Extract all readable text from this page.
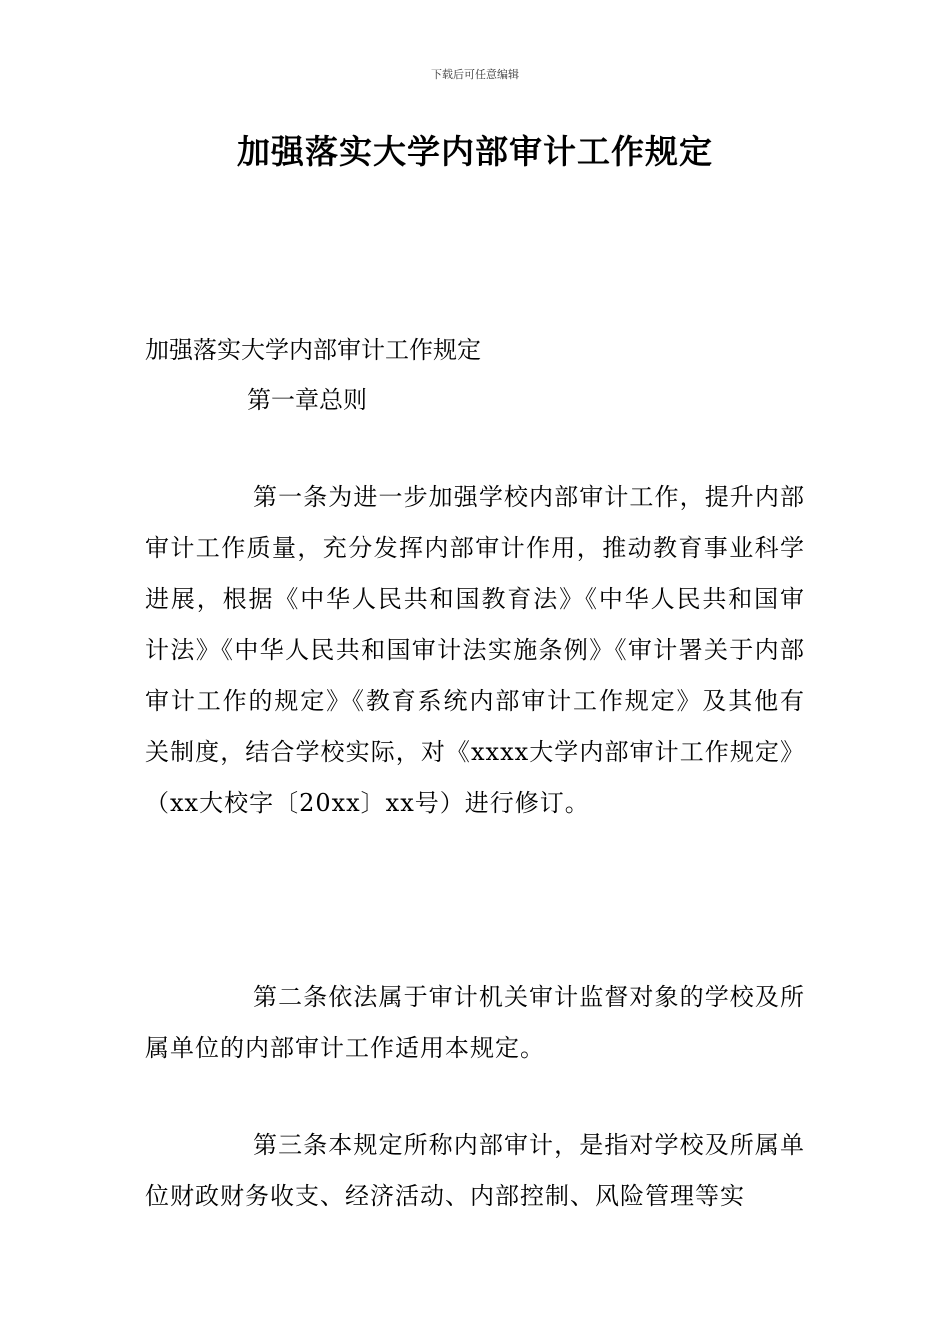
下载后可任意编辑
加强落实大学内部审计工作规定
加强落实大学内部审计工作规定
第一章总则
第一条为进一步加强学校内部审计工作，提升内部审计工作质量，充分发挥内部审计作用，推动教育事业科学进展，根据《中华人民共和国教育法》《中华人民共和国审计法》《中华人民共和国审计法实施条例》《审计署关于内部审计工作的规定》《教育系统内部审计工作规定》及其他有关制度，结合学校实际，对《xxxx大学内部审计工作规定》（xx大校字〔20xx〕xx号）进行修订。
第二条依法属于审计机关审计监督对象的学校及所属单位的内部审计工作适用本规定。
第三条本规定所称内部审计，是指对学校及所属单位财政财务收支、经济活动、内部控制、风险管理等实
